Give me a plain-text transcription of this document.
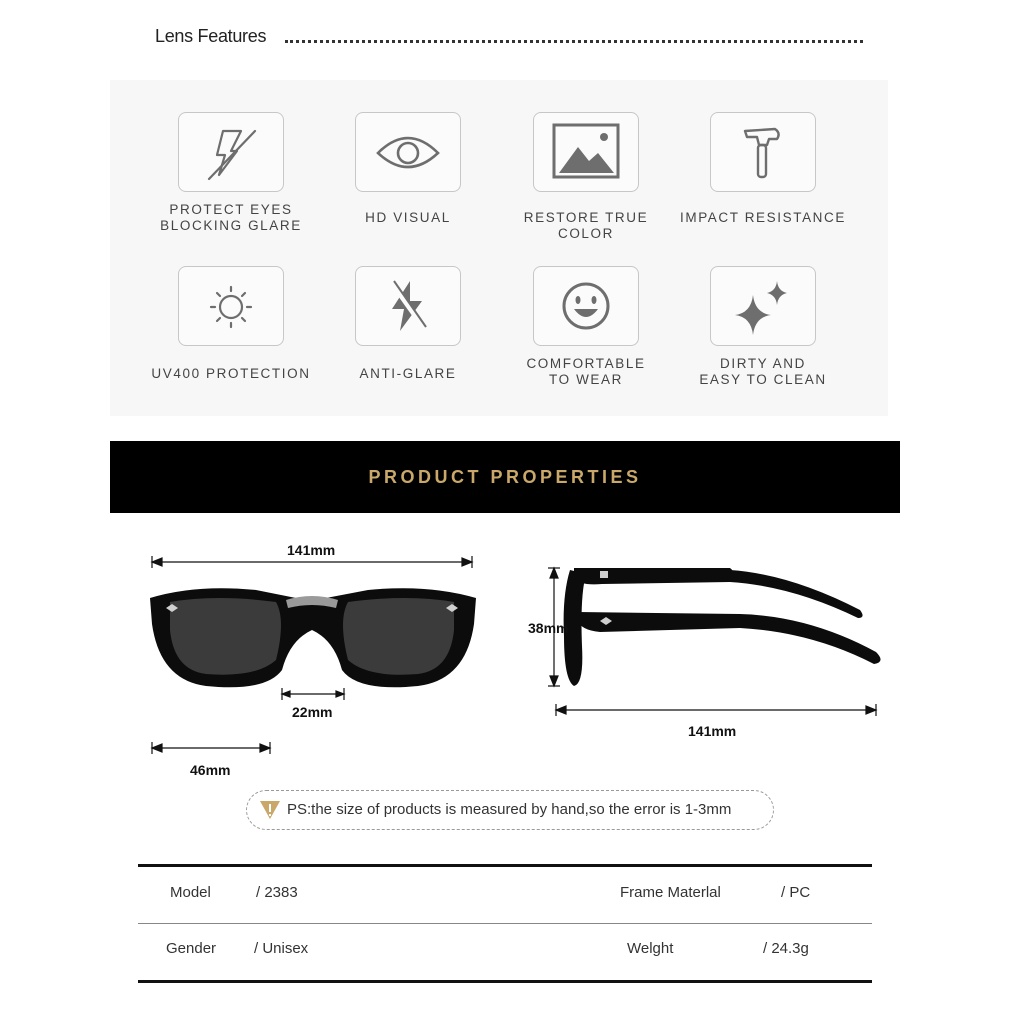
Lens Features
PROTECT EYES
BLOCKING GLARE
HD VISUAL	RESTORE TRUE COLOR
IMPACT RESISTANCE
UV400 PROTECTION	ANTI-GLARE
COMFORTABLE
TO WEAR
DIRTY AND
EASY TO CLEAN
PRODUCT PROPERTIES
141mm
22mm
46mm
38mm
141mm
PS:the size of products is measured by hand,so the error is 1-3mm
Model	/ 2383	Frame Materlal	/ PC
Gender	/ Unisex	Welght	/ 24.3g
